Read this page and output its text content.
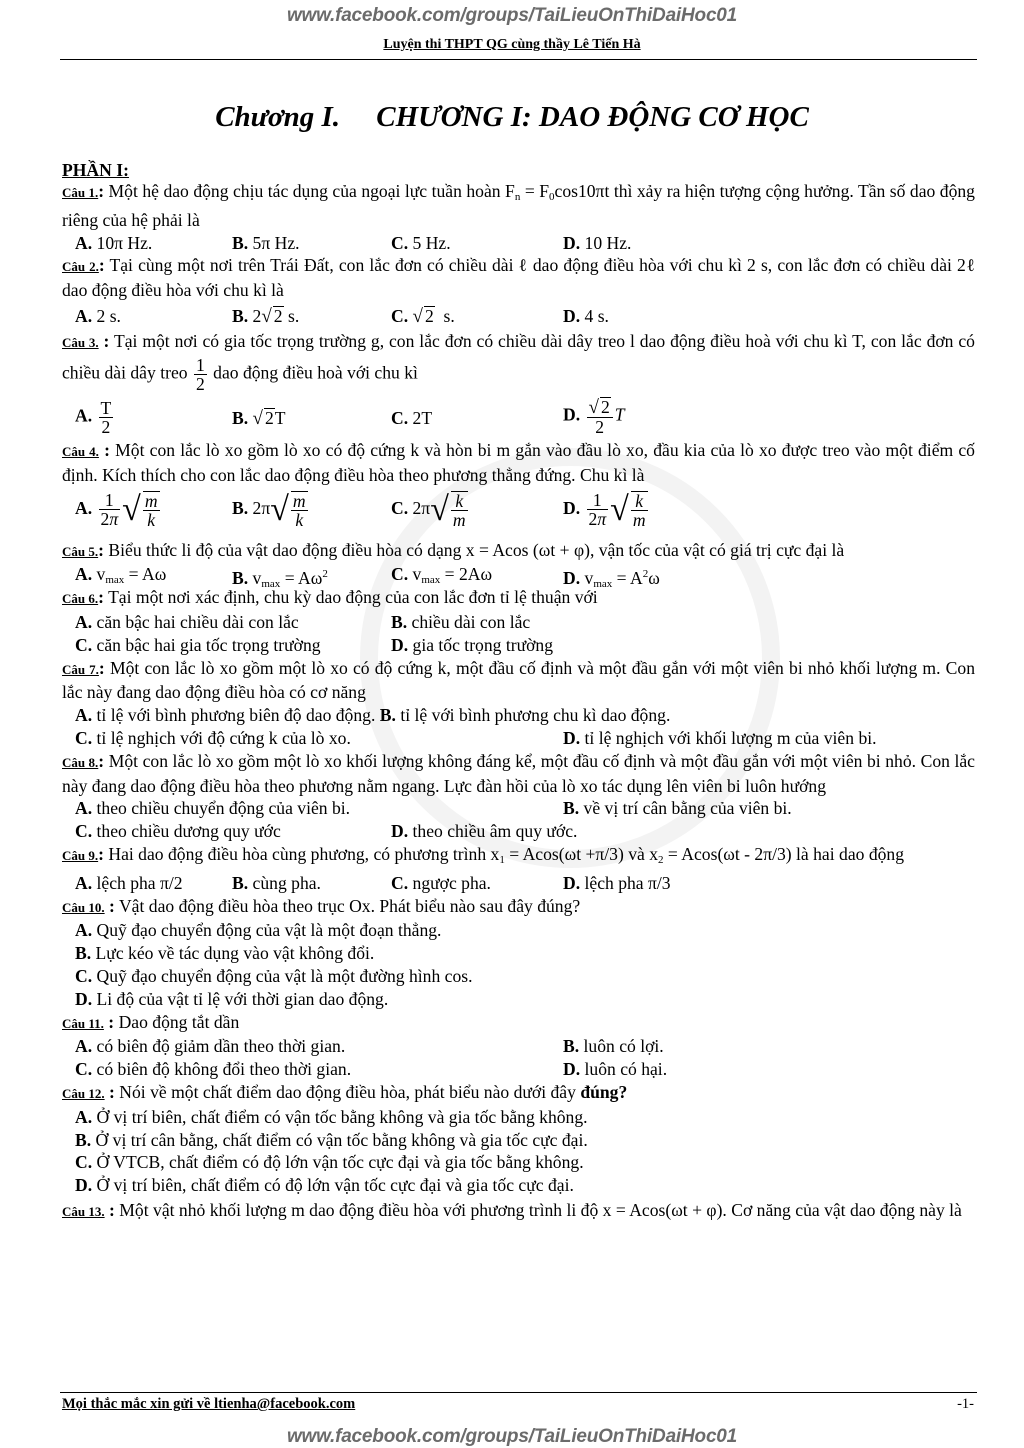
www.facebook.com/groups/TaiLieuOnThiDaiHoc01
Luyện thi THPT QG cùng thầy Lê Tiến Hà
Chương I.     CHƯƠNG I: DAO ĐỘNG CƠ HỌC
PHẦN I:
Câu 1.: Một hệ dao động chịu tác dụng của ngoại lực tuần hoàn $F_n = F_0\cos 10\pi t$ thì xảy ra hiện tượng cộng hưởng. Tần số dao động riêng của hệ phải là
A. 10π Hz.	B. 5π Hz.	C. 5 Hz.	D. 10 Hz.
Câu 2.: Tại cùng một nơi trên Trái Đất, con lắc đơn có chiều dài ℓ dao động điều hòa với chu kì 2 s, con lắc đơn có chiều dài 2ℓ dao động điều hòa với chu kì là
A. 2 s.	B. 2√ 2 s.	C. √ 2  s.	D. 4 s.
Câu 3. : Tại một nơi có gia tốc trọng trường g, con lắc đơn có chiều dài dây treo l dao động điều hoà với chu kì T, con lắc đơn có chiều dài dây treo $\frac{1}{2}$ dao động điều hoà với chu kì
A. $\frac{T}{2}$	B. √ 2T	C. 2T	D. $\frac{√ 2}{2}$ T
Câu 4. : Một con lắc lò xo gồm lò xo có độ cứng k và hòn bi m gắn vào đầu lò xo, đầu kia của lò xo được treo vào một điểm cố định. Kích thích cho con lắc dao động điều hòa theo phương thẳng đứng. Chu kì là
A. $\frac{1}{2\pi}$ √ $\frac{m}{k}$	B. $2\pi√ \frac{m}{k}$	C. $2\pi√ \frac{k}{m}$	D. $\frac{1}{2\pi}$ √ $\frac{k}{m}$
Câu 5.: Biểu thức li độ của vật dao động điều hòa có dạng x = Acos (ωt + φ), vận tốc của vật có giá trị cực đại là
A. $v_{max} = A\omega$	B. $v_{max} = A\omega^2$	C. $v_{max} = 2A\omega$	D. $v_{max} = A^2\omega$
Câu 6.: Tại một nơi xác định, chu kỳ dao động của con lắc đơn tỉ lệ thuận với
A. căn bậc hai chiều dài con lắc	B. chiều dài con lắc
C. căn bậc hai gia tốc trọng trường	D. gia tốc trọng trường
Câu 7.: Một con lắc lò xo gồm một lò xo có độ cứng k, một đầu cố định và một đầu gắn với một viên bi nhỏ khối lượng m. Con lắc này đang dao động điều hòa có cơ năng
A. tỉ lệ với bình phương biên độ dao động. B. tỉ lệ với bình phương chu kì dao động.
C. tỉ lệ nghịch với độ cứng k của lò xo.	D. tỉ lệ nghịch với khối lượng m của viên bi.
Câu 8.: Một con lắc lò xo gồm một lò xo khối lượng không đáng kể, một đầu cố định và một đầu gắn với một viên bi nhỏ. Con lắc này đang dao động điều hòa theo phương nằm ngang. Lực đàn hồi của lò xo tác dụng lên viên bi luôn hướng
A. theo chiều chuyển động của viên bi.	B. về vị trí cân bằng của viên bi.
C. theo chiều dương quy ước	D. theo chiều âm quy ước.
Câu 9.: Hai dao động điều hòa cùng phương, có phương trình $x_1 = Acos(\omega t +\pi/3)$ và $x_2 = Acos(\omega t - 2\pi/3)$ là hai dao động
A. lệch pha π/2	B. cùng pha.	C. ngược pha.	D. lệch pha π/3
Câu 10. : Vật dao động điều hòa theo trục Ox. Phát biểu nào sau đây đúng?
A. Quỹ đạo chuyển động của vật là một đoạn thẳng.
B. Lực kéo về tác dụng vào vật không đổi.
C. Quỹ đạo chuyển động của vật là một đường hình cos.
D. Li độ của vật tỉ lệ với thời gian dao động.
Câu 11. : Dao động tắt dần
A. có biên độ giảm dần theo thời gian.	B. luôn có lợi.
C. có biên độ không đổi theo thời gian.	D. luôn có hại.
Câu 12. : Nói về một chất điểm dao động điều hòa, phát biểu nào dưới đây đúng?
A. Ở vị trí biên, chất điểm có vận tốc bằng không và gia tốc bằng không.
B. Ở vị trí cân bằng, chất điểm có vận tốc bằng không và gia tốc cực đại.
C. Ở VTCB, chất điểm có độ lớn vận tốc cực đại và gia tốc bằng không.
D. Ở vị trí biên, chất điểm có độ lớn vận tốc cực đại và gia tốc cực đại.
Câu 13. : Một vật nhỏ khối lượng m dao động điều hòa với phương trình li độ x = Acos(ωt + φ). Cơ năng của vật dao động này là
Mọi thắc mắc xin gửi về ltienha@facebook.com	-1-
www.facebook.com/groups/TaiLieuOnThiDaiHoc01
